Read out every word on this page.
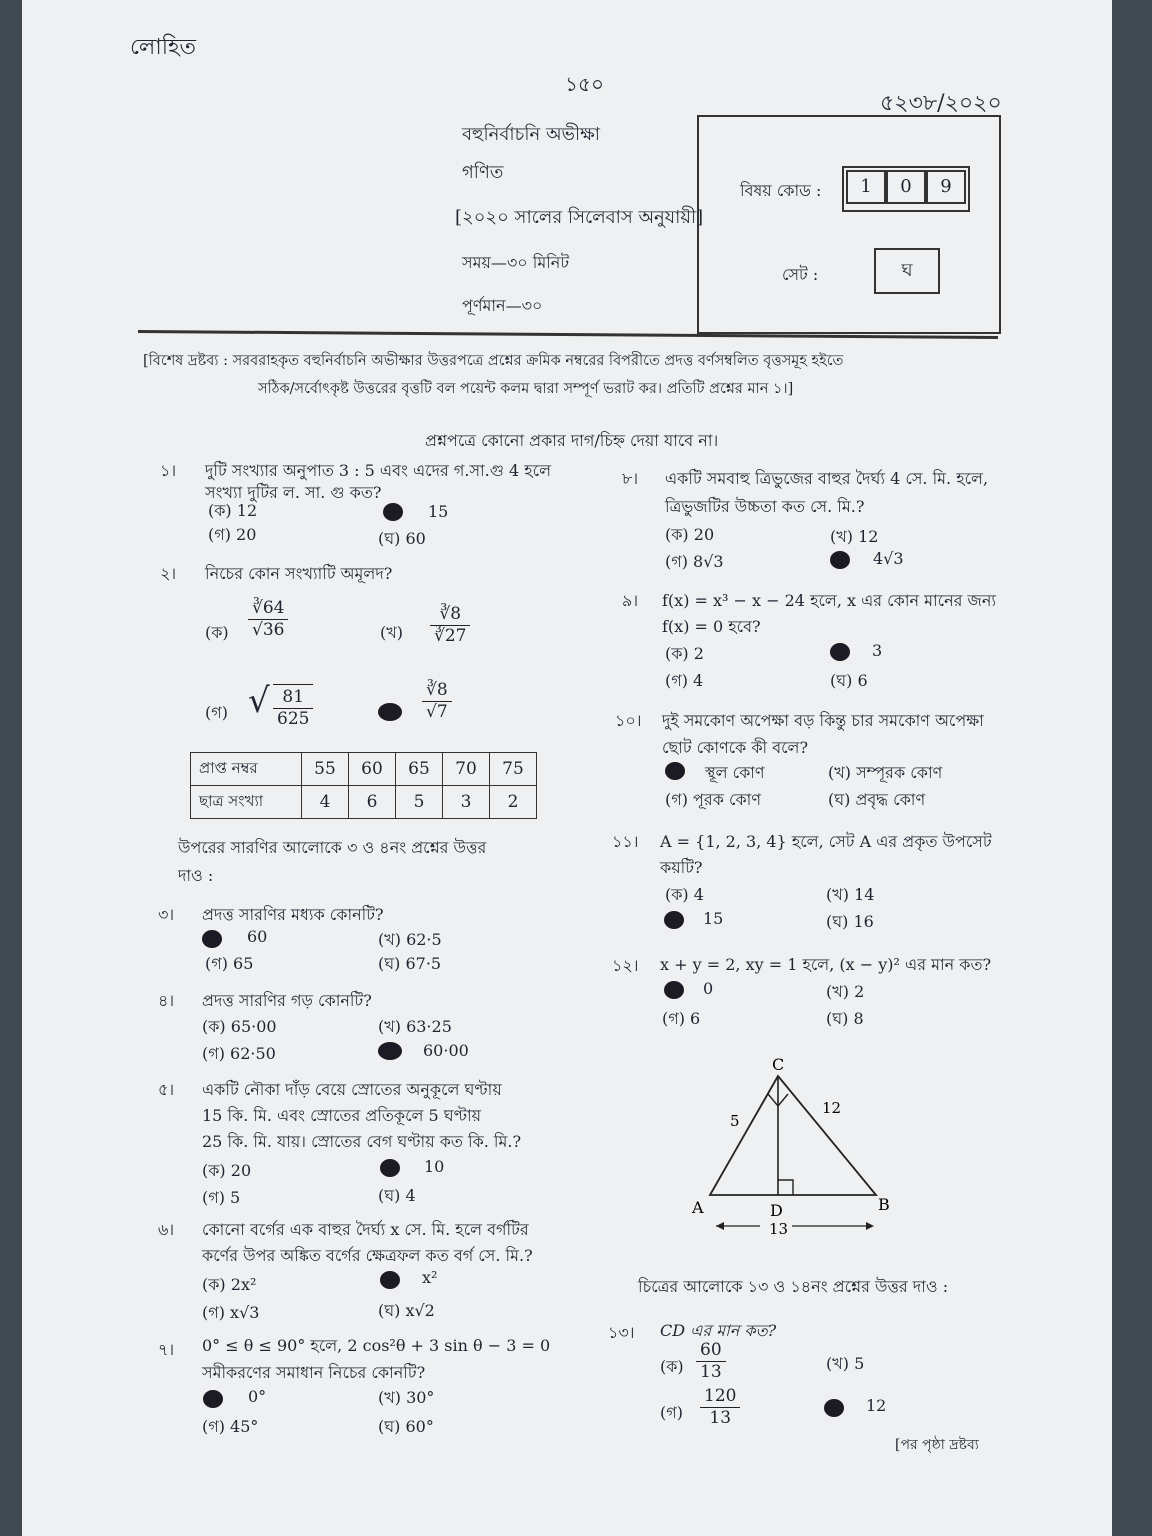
লোহিত
১৫০
৫২৩৮/২০২০
বহুনির্বাচনি অভীক্ষা
গণিত
[২০২০ সালের সিলেবাস অনুযায়ী]
সময়—৩০ মিনিট
পূর্ণমান—৩০
বিষয় কোড :	1	0	9
সেট :	ঘ
[বিশেষ দ্রষ্টব্য : সরবরাহকৃত বহুনির্বাচনি অভীক্ষার উত্তরপত্রে প্রশ্নের ক্রমিক নম্বরের বিপরীতে প্রদত্ত বর্ণসম্বলিত বৃত্তসমূহ হইতে
সঠিক/সর্বোৎকৃষ্ট উত্তরের বৃত্তটি বল পয়েন্ট কলম দ্বারা সম্পূর্ণ ভরাট কর। প্রতিটি প্রশ্নের মান ১।]
প্রশ্নপত্রে কোনো প্রকার দাগ/চিহ্ন দেয়া যাবে না।
১। দুটি সংখ্যার অনুপাত 3 : 5 এবং এদের গ.সা.গু 4 হলে
সংখ্যা দুটির ল. সা. গু কত?
(ক) 12	15
(গ) 20	(ঘ) 60
২। নিচের কোন সংখ্যাটি অমূলদ?
(ক) $\frac{∛64}{√36}$	(খ) $\frac{∛8}{∛27}$
(গ) √ $\frac{81}{625}$	$\frac{∛8}{√7}$
প্রাপ্ত নম্বর	55	60	65	70	75
ছাত্র সংখ্যা	4	6	5	3	2
উপরের সারণির আলোকে ৩ ও ৪নং প্রশ্নের উত্তর
দাও :
৩। প্রদত্ত সারণির মধ্যক কোনটি?
60	(খ) 62·5
(গ) 65	(ঘ) 67·5
৪। প্রদত্ত সারণির গড় কোনটি?
(ক) 65·00	(খ) 63·25
(গ) 62·50	60·00
৫। একটি নৌকা দাঁড় বেয়ে স্রোতের অনুকূলে ঘণ্টায়
15 কি. মি. এবং স্রোতের প্রতিকূলে 5 ঘণ্টায়
25 কি. মি. যায়। স্রোতের বেগ ঘণ্টায় কত কি. মি.?
(ক) 20	10
(গ) 5	(ঘ) 4
৬। কোনো বর্গের এক বাহুর দৈর্ঘ্য x সে. মি. হলে বর্গটির
কর্ণের উপর অঙ্কিত বর্গের ক্ষেত্রফল কত বর্গ সে. মি.?
(ক) 2x²	x²
(গ) x√3	(ঘ) x√2
৭। 0° ≤ θ ≤ 90° হলে, 2 cos²θ + 3 sin θ − 3 = 0
সমীকরণের সমাধান নিচের কোনটি?
0°	(খ) 30°
(গ) 45°	(ঘ) 60°
৮। একটি সমবাহু ত্রিভুজের বাহুর দৈর্ঘ্য 4 সে. মি. হলে,
ত্রিভুজটির উচ্চতা কত সে. মি.?
(ক) 20	(খ) 12
(গ) 8√3	4√3
৯। f(x) = x³ − x − 24 হলে, x এর কোন মানের জন্য
f(x) = 0 হবে?
(ক) 2	3
(গ) 4	(ঘ) 6
১০। দুই সমকোণ অপেক্ষা বড় কিন্তু চার সমকোণ অপেক্ষা
ছোট কোণকে কী বলে?
স্থূল কোণ	(খ) সম্পূরক কোণ
(গ) পূরক কোণ	(ঘ) প্রবৃদ্ধ কোণ
১১। A = {1, 2, 3, 4} হলে, সেট A এর প্রকৃত উপসেট
কয়টি?
(ক) 4	(খ) 14
15	(ঘ) 16
১২। x + y = 2, xy = 1 হলে, (x − y)² এর মান কত?
0	(খ) 2
(গ) 6	(ঘ) 8
C
A	B
D
5
12
13
চিত্রের আলোকে ১৩ ও ১৪নং প্রশ্নের উত্তর দাও :
১৩। CD এর মান কত?
(ক) $\frac{60}{13}$	(খ) 5
(গ) $\frac{120}{13}$	12
[পর পৃষ্ঠা দ্রষ্টব্য
